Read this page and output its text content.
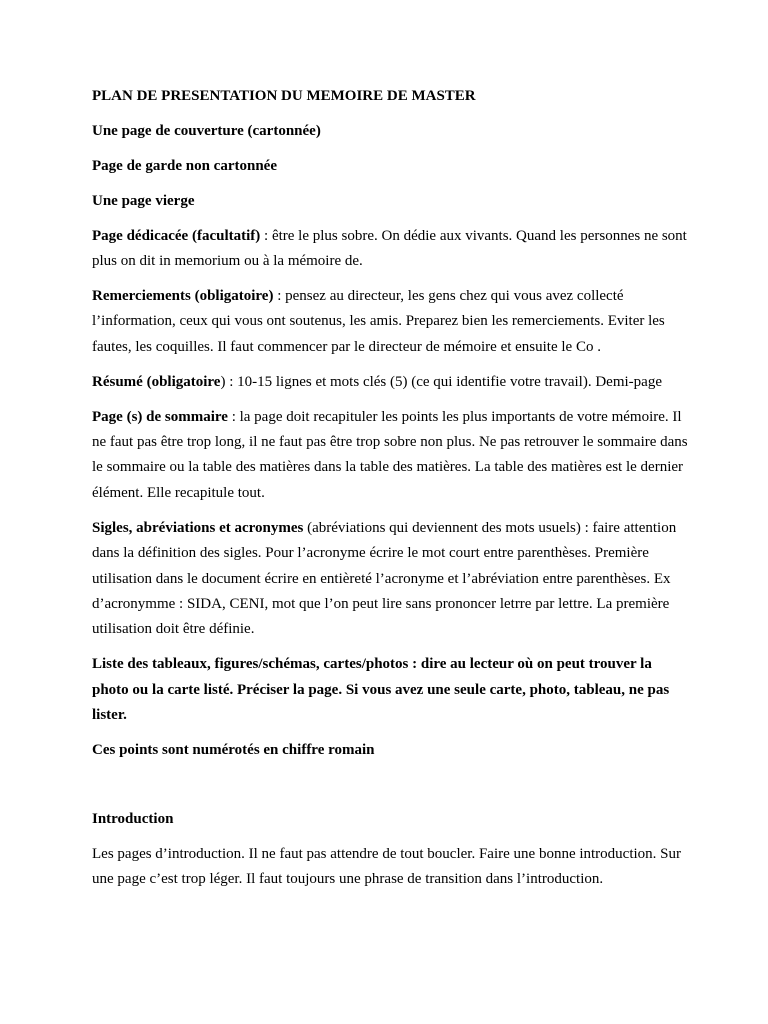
PLAN DE PRESENTATION DU MEMOIRE DE MASTER

Une page de couverture (cartonnée)

Page de garde non cartonnée

Une page vierge

Page dédicacée (facultatif) : être le plus sobre. On dédie aux vivants. Quand les personnes ne sont plus on dit in memorium ou à la mémoire de.

Remerciements (obligatoire) : pensez au directeur, les gens chez qui vous avez collecté l’information, ceux qui vous ont soutenus, les amis. Preparez bien les remerciements. Eviter les fautes, les coquilles. Il faut commencer par le directeur de mémoire et ensuite le Co .

Résumé (obligatoire) : 10-15 lignes et mots clés (5) (ce qui identifie votre travail). Demi-page

Page (s) de sommaire : la page doit recapituler les points les plus importants de votre mémoire. Il ne faut pas être trop long, il ne faut pas être trop sobre non plus. Ne pas retrouver le sommaire dans le sommaire ou la table des matières dans la table des matières. La table des matières est le dernier élément. Elle recapitule tout.

Sigles, abréviations et acronymes (abréviations qui deviennent des mots usuels) : faire attention dans la définition des sigles. Pour l’acronyme écrire le mot court entre parenthèses. Première utilisation dans le document écrire en entièreté l’acronyme et l’abréviation entre parenthèses. Ex d’acronymme : SIDA, CENI, mot que l’on peut lire sans prononcer letrre par lettre. La première utilisation doit être définie.

Liste des tableaux, figures/schémas, cartes/photos : dire au lecteur où on peut trouver la photo ou la carte listé. Préciser la page. Si vous avez une seule carte, photo, tableau, ne pas lister.

Ces points sont numérotés en chiffre romain

Introduction

Les pages d’introduction. Il ne faut pas attendre de tout boucler. Faire une bonne introduction. Sur une page c’est trop léger. Il faut toujours une phrase de transition dans l’introduction.
